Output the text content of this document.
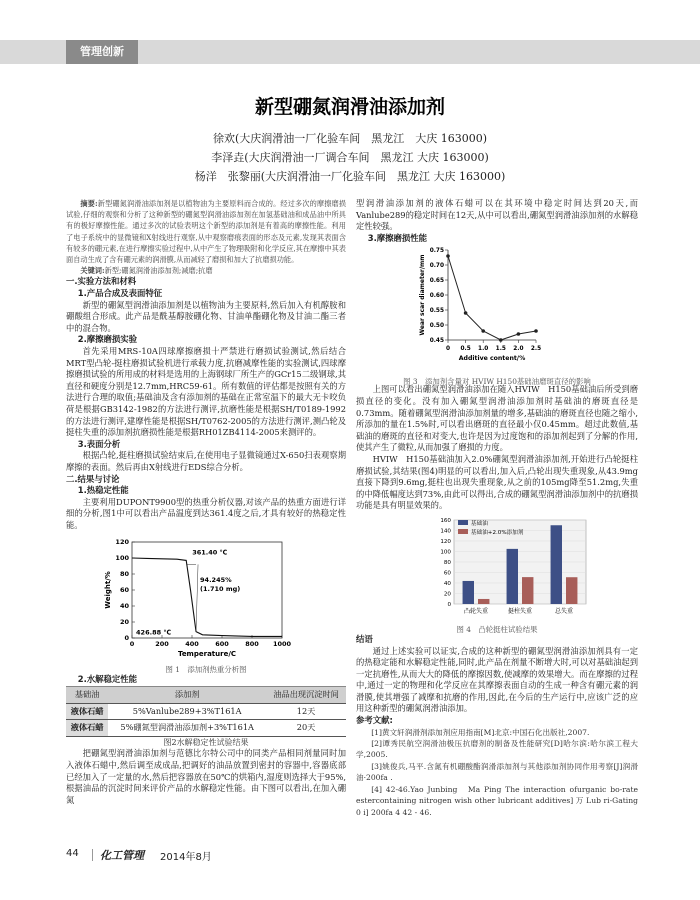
管理创新
新型硼氮润滑油添加剂
徐欢(大庆润滑油一厂化验车间　黑龙江　大庆 163000)
李泽垚(大庆润滑油一厂调合车间　黑龙江 大庆 163000)
杨洋　张黎丽(大庆润滑油一厂化验车间　黑龙江 大庆 163000)

摘要:新型硼氮润滑油添加剂是以植物油为主要原料而合成的。经过多次的摩擦磨损试验,仔细的观察和分析了这种新型的硼氮型润滑油添加剂在加氢基础油和成品油中所具有的极好摩擦性能。通过多次的试验表明这个新型的添加剂是有着高的摩擦性能。利用了电子系统中的显微镜和X射线进行观察,从中观察磨痕表面的形态及元素,发现其表面含有较多的硼元素,在进行摩擦实验过程中,从中产生了物理吸附和化学反应,其在摩擦中其表面自动生成了含有硼元素的润滑膜,从而减轻了磨损和加大了抗磨损功能。

关键词:新型;硼氮润滑油添加剂;减磨;抗磨

一.实验方法和材料

1.产品合成及表面特征

新型的硼氮型润滑油添加剂是以植物油为主要原料,然后加入有机醇胺和硼酸组合形成。此产品是酰基醇胺硼化物、甘油单酯硼化物及甘油二酯三者中的混合物。

2.摩擦磨损实验

首先采用MRS-10A四球摩擦磨损十严禁进行磨损试验测试,然后结合MRT型凸轮-挺柱磨损试验机进行承载力度,抗磨减摩性能的实验测试,四球摩擦磨损试验的所用成的材料是选用的上海钢球厂所生产的GCr15二级钢球,其直径和硬度分别是12.7mm,HRC59-61。所有数值的评估都是按照有关的方法进行合理的取值;基础油及含有添加剂的基础在正常室温下的最大无卡咬负荷是根据GB3142-1982的方法进行测评,抗磨性能是根据SH/T0189-1992的方法进行测评,建摩性能是根据SH/T0762-2005的方法进行测评,测凸轮及挺柱失重的添加剂抗磨损性能是根据RH01ZB4114-2005来测评的。

3.表面分析

根据凸轮,挺柱磨损试验结束后,在使用电子显微镜通过X-650扫表观察期摩擦的表面。然后再由X射线进行EDS综合分析。

二.结果与讨论

1.热稳定性能

主要利用DUPONT9900型的热重分析仪器,对该产品的热重方面进行详细的分析,图1中可以看出产品温度到达361.4度之后,才具有较好的热稳定性能。

0	200	400	600	800 1000
0
20
40
60
80
100
120
Temperature/C
Weight/%
361.40 ℃
94.245%
(1.710 mg)
426.88 ℃
图 1　添加剂热重分析图

2.水解稳定性能

基础油	添加剂	油品出现沉淀时间
液体石蜡	5%Vanlube289+3%T161A	12天
液体石蜡	5%硼氮型润滑油添加剂+3%T161A	20天
图2水解稳定性试验结果

把硼氮型润滑油添加剂与范德比尔特公司中的同类产品相同剂量同时加入液体石蜡中,然后调至成成品,把调好的油品放置到密封的容器中,容器底部已经加入了一定量的水,然后把容器放在50℃的烘箱内,湿度则选择大于95%,根据油品的沉淀时间来评价产品的水解稳定性能。由下图可以看出,在加入硼氮

型润滑油添加剂的液体石蜡可以在其环境中稳定时间达到20天,而Vanlube289的稳定时间在12天,从中可以看出,硼氮型润滑油添加剂的水解稳定性较强。

3.摩擦磨损性能

0.45
0.50
0.55
0.60
0.65
0.70
0.75
0 0.5 1.0 1.5 2.0 2.5
Additive content/%
Wear scar diameter/mm
图 3　添加剂含量对 HVIW H150基础油磨斑直径的影响

上图可以看出硼氮型润滑油添加在随入HVIW　H150基础油后所受到磨损直径的变化。没有加入硼氮型润滑油添加剂时基础油的磨斑直径是0.73mm。随着硼氮型润滑油添加剂量的增多,基础油的磨斑直径也随之缩小,所添加的量在1.5%时,可以看出磨斑的直径最小仅0.45mm。超过此数值,基础油的磨斑的直径和对变大,也许是因为过度饱和的添加剂起到了分解的作用,使其产生了微粒,从而加强了磨损的力度。

HVIW　H150基础油加入2.0%硼氮型润滑油添加剂,开始进行凸轮挺柱磨损试验,其结果(图4)明显的可以看出,加入后,凸轮出现失重现象,从43.9mg直接下降到9.6mg,挺柱也出现失重现象,从之前的105mg降至51.2mg,失重的中降低幅度达到73%,由此可以得出,合成的硼氮型润滑油添加剂中的抗磨损功能是具有明显效果的。

0
20
40
60
80
100
120
140
160
凸轮失重	挺柱失重	总失重
基础油
基础油+2.0%添加剂
图 4　凸轮挺柱试验结果

结语

通过上述实验可以证实,合成的这种新型的硼氮型润滑油添加剂具有一定的热稳定能和水解稳定性能,同时,此产品在剂量不断增大时,可以对基础油起到一定抗磨性,从而大大的降低的摩擦因数,使减摩的效果增大。而在摩擦的过程中,通过一定的物理和化学反应在其摩擦表面自动的生成一种含有硼元素的润滑膜,使其增强了减摩和抗磨的作用,因此,在今后的生产运行中,应该广泛的应用这种新型的硼氮润滑油添加。

参考文献:

[1]黄文轩润滑剂添加剂应用指南[M]北京:中国石化出版社,2007.

[2]谭秀民航空润滑油极压抗磨剂的制备及性能研究[D]哈尔滨:哈尔滨工程大学,2005.

[3]姚俊兵,马平.含氮有机硼酸酯润滑添加剂与其他添加剂协同作用考察[J]润滑油·200fa .

[4] 42-46.Yao Junbing　Ma Ping The interaction ofurganic bo-rate estercontaining nitrogen wish other lubricant additives] 万 Lub ri-Gating 0 i] 200fa 4 42 - 46.

44 化工管理 2014年8月
